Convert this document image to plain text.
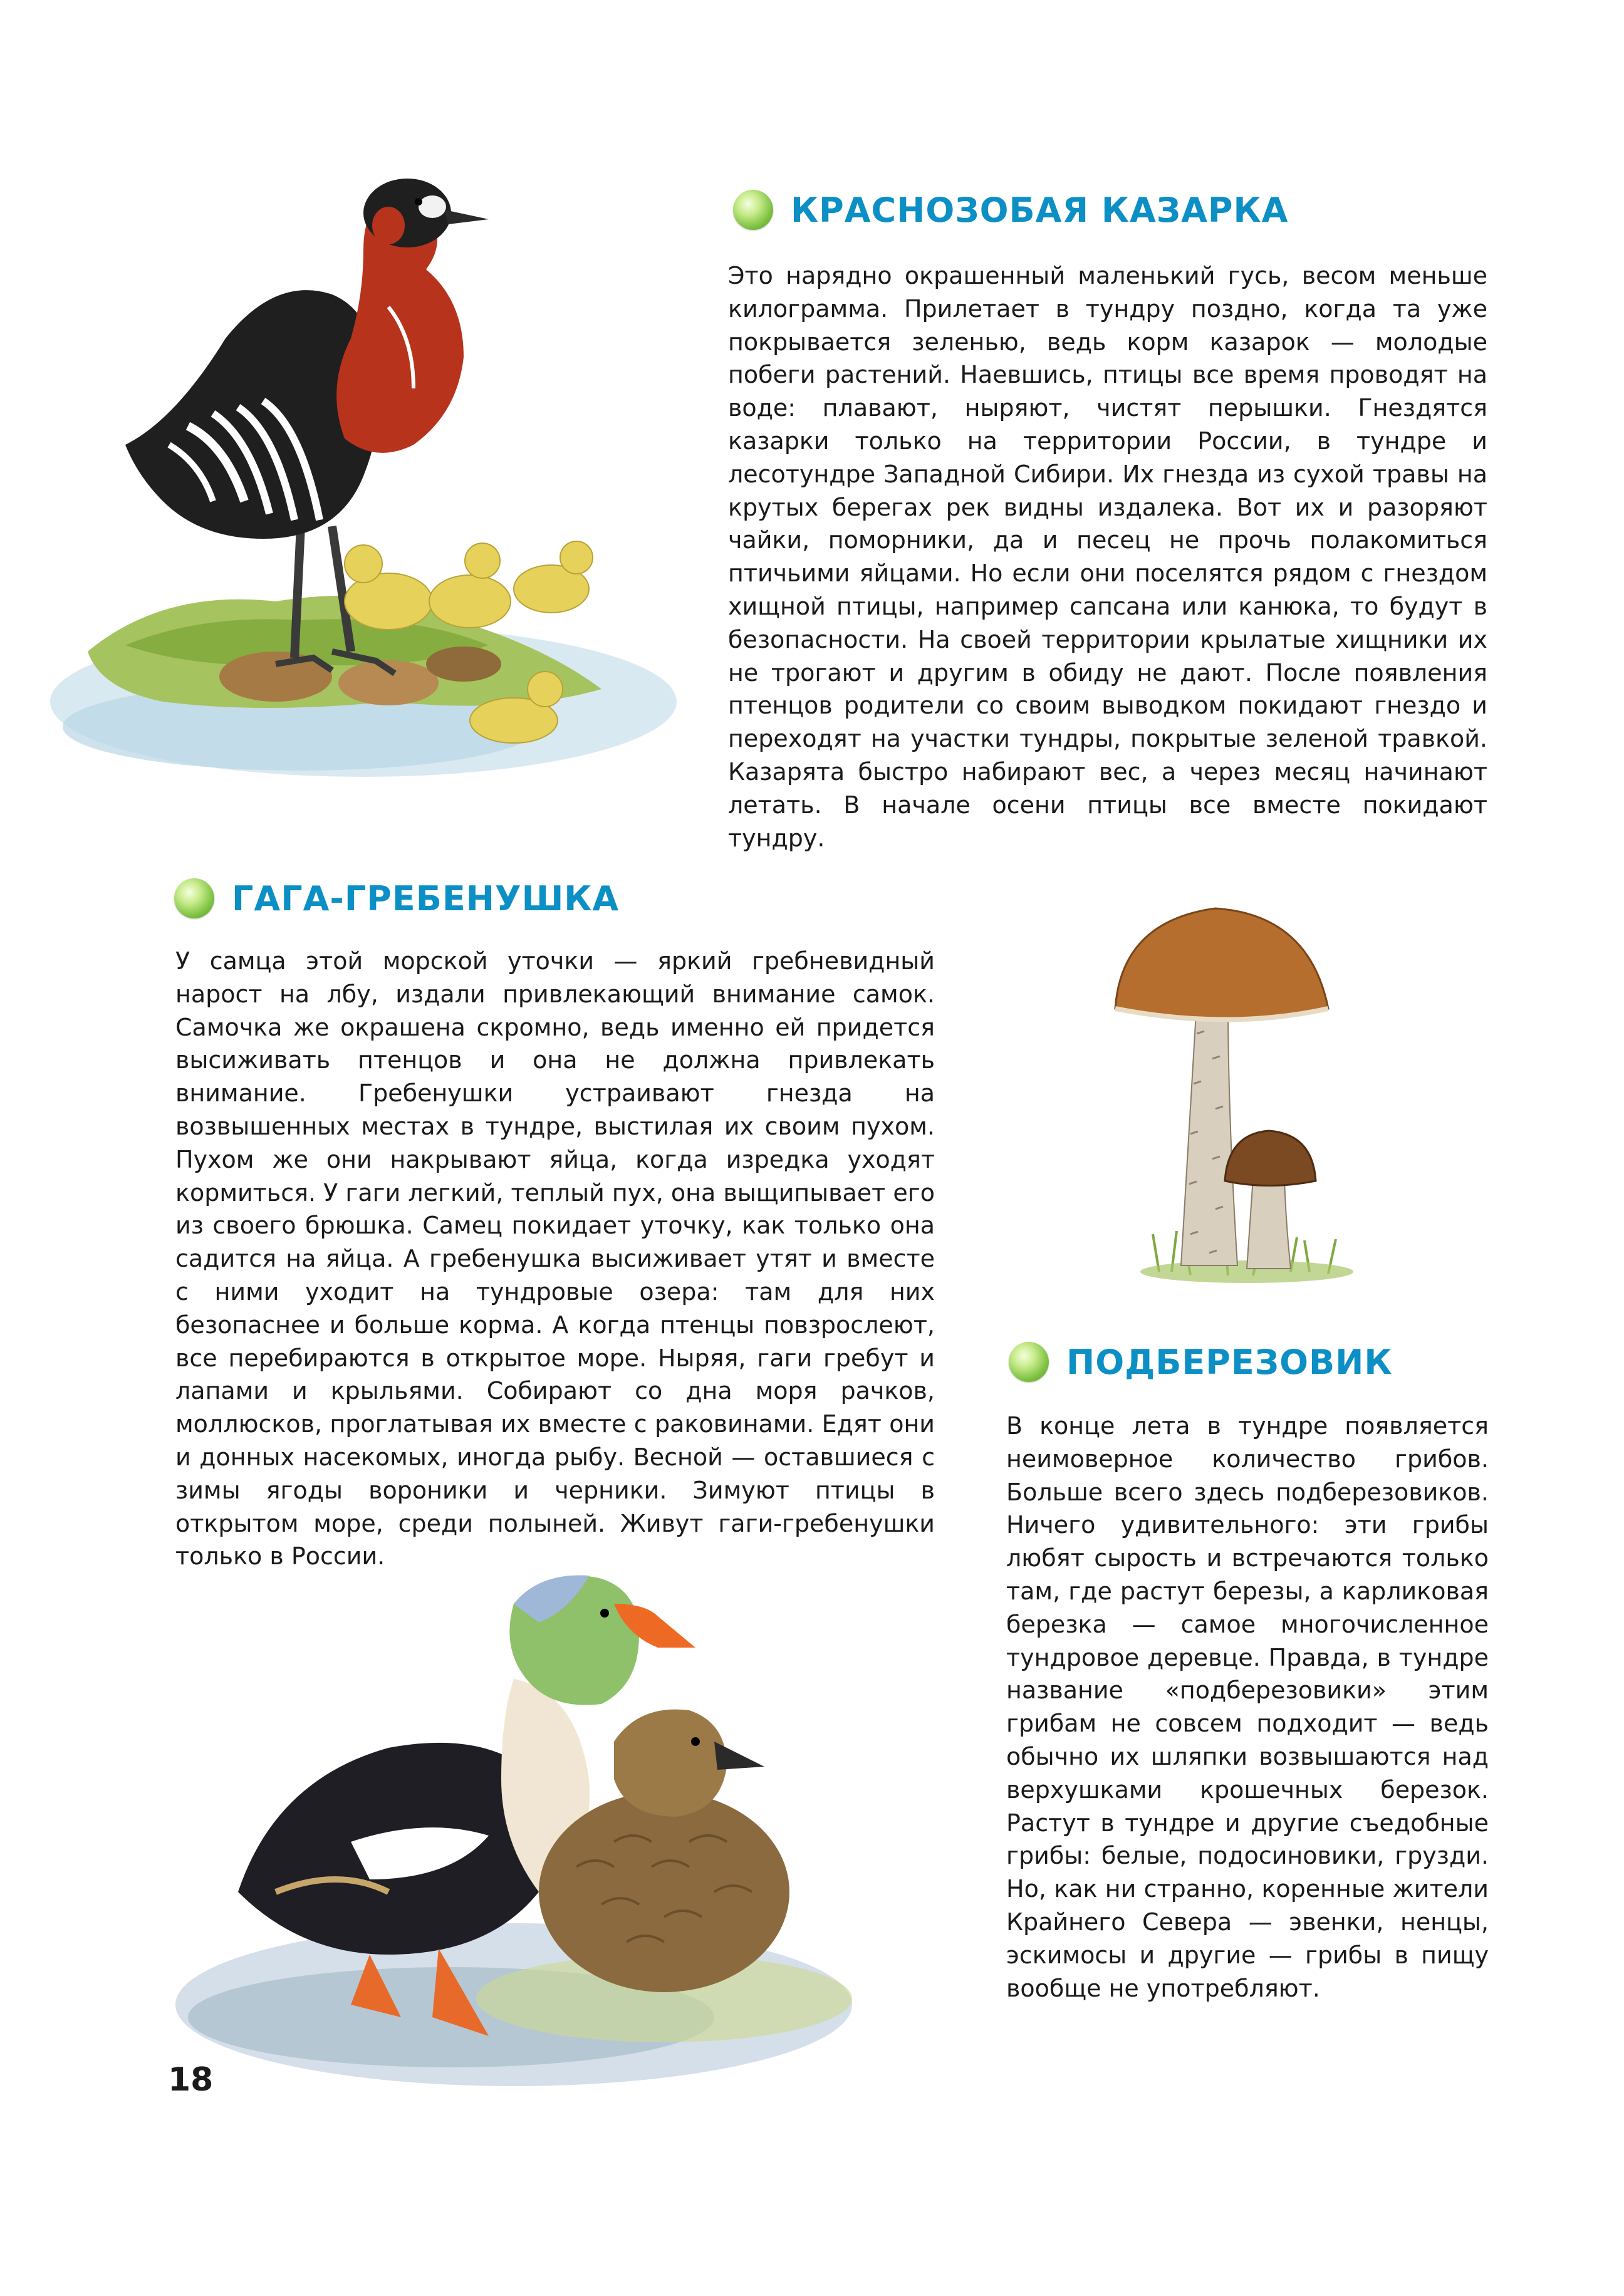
КРАСНОЗОБАЯ КАЗАРКА
Это нарядно окрашенный маленький гусь, весом меньше килограмма. Прилетает в тундру поздно, когда та уже покрывается зеленью, ведь корм казарок — молодые побеги растений. Наевшись, птицы все время проводят на воде: плавают, ныряют, чистят перышки. Гнездятся казарки только на территории России, в тундре и лесотундре Западной Сибири. Их гнезда из сухой травы на крутых берегах рек видны издалека. Вот их и разоряют чайки, поморники, да и песец не прочь полакомиться птичьими яйцами. Но если они поселятся рядом с гнездом хищной птицы, например сапсана или канюка, то будут в безопасности. На своей территории крылатые хищники их не трогают и другим в обиду не дают. После появления птенцов родители со своим выводком покидают гнездо и переходят на участки тундры, покрытые зеленой травкой. Казарята быстро набирают вес, а через месяц начинают летать. В начале осени птицы все вместе покидают тундру.
ГАГА-ГРЕБЕНУШКА
У самца этой морской уточки — яркий гребневидный нарост на лбу, издали привлекающий внимание самок. Самочка же окрашена скромно, ведь именно ей придется высиживать птенцов и она не должна привлекать внимание. Гребенушки устраивают гнезда на возвышенных местах в тундре, выстилая их своим пухом. Пухом же они накрывают яйца, когда изредка уходят кормиться. У гаги легкий, теплый пух, она выщипывает его из своего брюшка. Самец покидает уточку, как только она садится на яйца. А гребенушка высиживает утят и вместе с ними уходит на тундровые озера: там для них безопаснее и больше корма. А когда птенцы повзрослеют, все перебираются в открытое море. Ныряя, гаги гребут и лапами и крыльями. Собирают со дна моря рачков, моллюсков, проглатывая их вместе с раковинами. Едят они и донных насекомых, иногда рыбу. Весной — оставшиеся с зимы ягоды вороники и черники. Зимуют птицы в открытом море, среди полыней. Живут гаги-гребенушки только в России.
ПОДБЕРЕЗОВИК
В конце лета в тундре появляется неимоверное количество грибов. Больше всего здесь подберезовиков. Ничего удивительного: эти грибы любят сырость и встречаются только там, где растут березы, а карликовая березка — самое многочисленное тундровое деревце. Правда, в тундре название «подберезовики» этим грибам не совсем подходит — ведь обычно их шляпки возвышаются над верхушками крошечных березок. Растут в тундре и другие съедобные грибы: белые, подосиновики, грузди. Но, как ни странно, коренные жители Крайнего Севера — эвенки, ненцы, эскимосы и другие — грибы в пищу вообще не употребляют.
18
